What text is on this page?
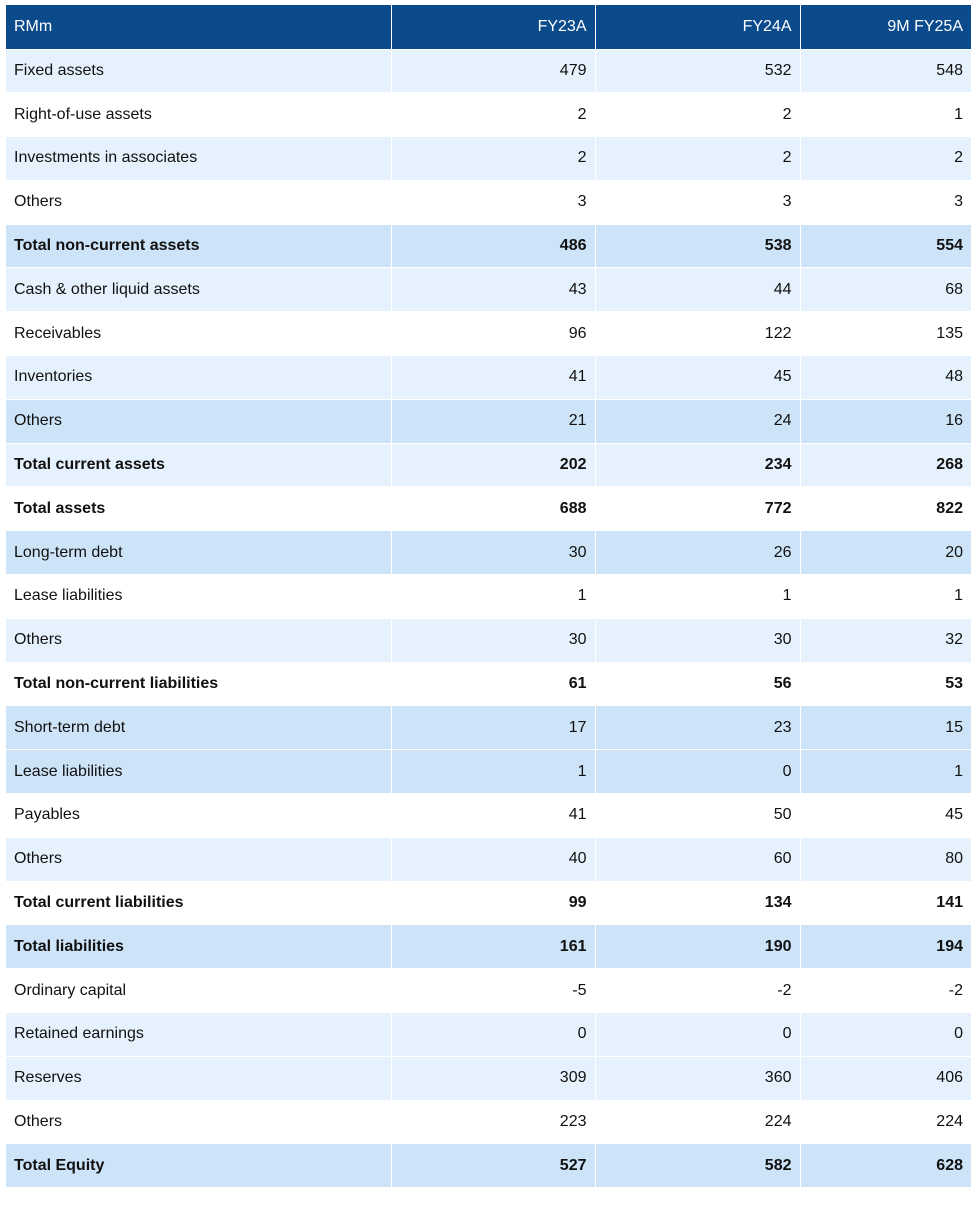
RMm	FY23A	FY24A	9M FY25A
Fixed assets	479	532	548
Right-of-use assets	2	2	1
Investments in associates	2	2	2
Others	3	3	3
Total non-current assets	486	538	554
Cash & other liquid assets	43	44	68
Receivables	96	122	135
Inventories	41	45	48
Others	21	24	16
Total current assets	202	234	268
Total assets	688	772	822
Long-term debt	30	26	20
Lease liabilities	1	1	1
Others	30	30	32
Total non-current liabilities	61	56	53
Short-term debt	17	23	15
Lease liabilities	1	0	1
Payables	41	50	45
Others	40	60	80
Total current liabilities	99	134	141
Total liabilities	161	190	194
Ordinary capital	-5	-2	-2
Retained earnings	0	0	0
Reserves	309	360	406
Others	223	224	224
Total Equity	527	582	628
